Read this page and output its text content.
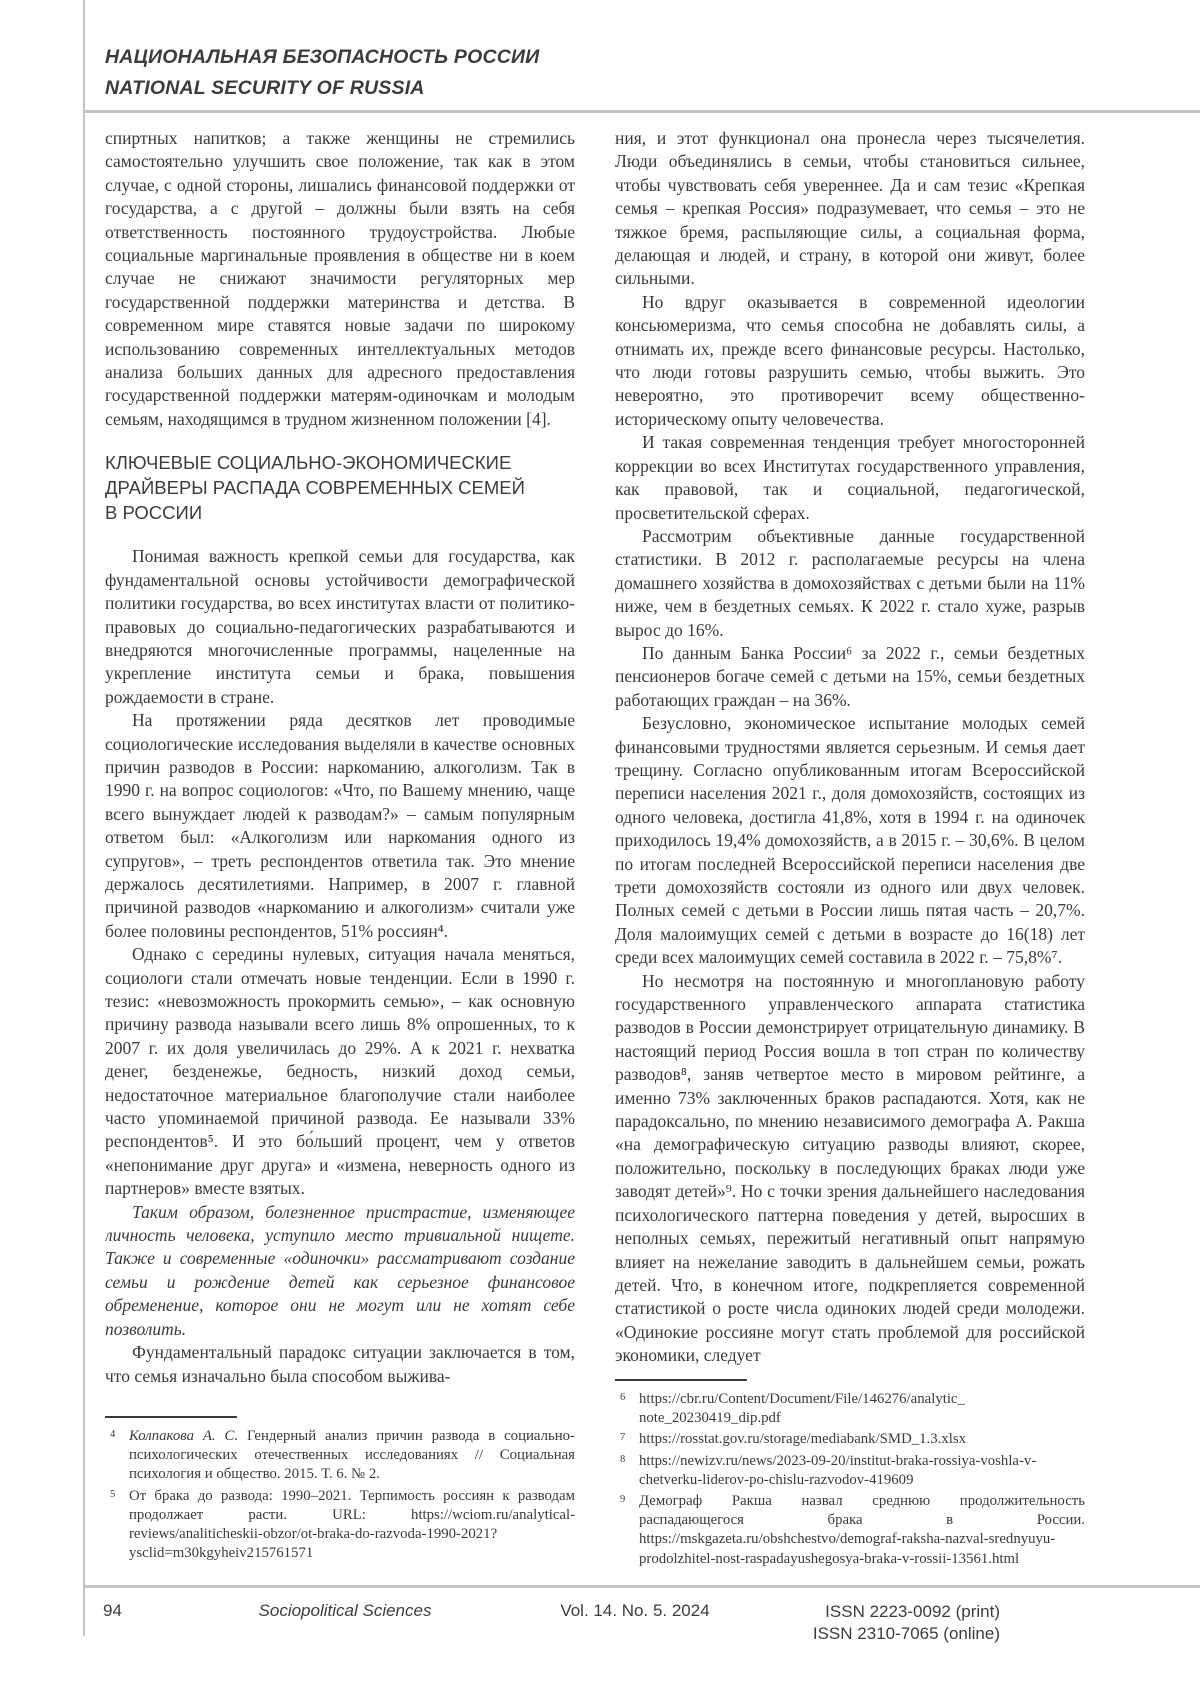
НАЦИОНАЛЬНАЯ БЕЗОПАСНОСТЬ РОССИИ
NATIONAL SECURITY OF RUSSIA

спиртных напитков; а также женщины не стремились самостоятельно улучшить свое положение, так как в этом случае, с одной стороны, лишались финансовой поддержки от государства, а с другой – должны были взять на себя ответственность постоянного трудоустройства. Любые социальные маргинальные проявления в обществе ни в коем случае не снижают значимости регуляторных мер государственной поддержки материнства и детства. В современном мире ставятся новые задачи по широкому использованию современных интеллектуальных методов анализа больших данных для адресного предоставления государственной поддержки матерям-одиночкам и молодым семьям, находящимся в трудном жизненном положении [4].

КЛЮЧЕВЫЕ СОЦИАЛЬНО-ЭКОНОМИЧЕСКИЕ
ДРАЙВЕРЫ РАСПАДА СОВРЕМЕННЫХ СЕМЕЙ
В РОССИИ

Понимая важность крепкой семьи для государства, как фундаментальной основы устойчивости демографической политики государства, во всех институтах власти от политико-правовых до социально-педагогических разрабатываются и внедряются многочисленные программы, нацеленные на укрепление института семьи и брака, повышения рождаемости в стране.

На протяжении ряда десятков лет проводимые социологические исследования выделяли в качестве основных причин разводов в России: наркоманию, алкоголизм. Так в 1990 г. на вопрос социологов: «Что, по Вашему мнению, чаще всего вынуждает людей к разводам?» – самым популярным ответом был: «Алкоголизм или наркомания одного из супругов», – треть респондентов ответила так. Это мнение держалось десятилетиями. Например, в 2007 г. главной причиной разводов «наркоманию и алкоголизм» считали уже более половины респондентов, 51% россиян⁴.

Однако с середины нулевых, ситуация начала меняться, социологи стали отмечать новые тенденции. Если в 1990 г. тезис: «невозможность прокормить семью», – как основную причину развода называли всего лишь 8% опрошенных, то к 2007 г. их доля увеличилась до 29%. А к 2021 г. нехватка денег, безденежье, бедность, низкий доход семьи, недостаточное материальное благополучие стали наиболее часто упоминаемой причиной развода. Ее называли 33% респондентов⁵. И это бо́льший процент, чем у ответов «непонимание друг друга» и «измена, неверность одного из партнеров» вместе взятых.

Таким образом, болезненное пристрастие, изменяющее личность человека, уступило место тривиальной нищете. Также и современные «одиночки» рассматривают создание семьи и рождение детей как серьезное финансовое обременение, которое они не могут или не хотят себе позволить.

Фундаментальный парадокс ситуации заключается в том, что семья изначально была способом выжива-

4 Колпакова А. С. Гендерный анализ причин развода в социально-психологических отечественных исследованиях // Социальная психология и общество. 2015. Т. 6. № 2.
5 От брака до развода: 1990–2021. Терпимость россиян к разводам продолжает расти. URL: https://wciom.ru/analytical-reviews/analiticheskii-obzor/ot-braka-do-razvoda-1990-2021?ysclid=m30kgyheiv215761571

ния, и этот функционал она пронесла через тысячелетия. Люди объединялись в семьи, чтобы становиться сильнее, чтобы чувствовать себя увереннее. Да и сам тезис «Крепкая семья – крепкая Россия» подразумевает, что семья – это не тяжкое бремя, распыляющие силы, а социальная форма, делающая и людей, и страну, в которой они живут, более сильными.

Но вдруг оказывается в современной идеологии консьюмеризма, что семья способна не добавлять силы, а отнимать их, прежде всего финансовые ресурсы. Настолько, что люди готовы разрушить семью, чтобы выжить. Это невероятно, это противоречит всему общественно-историческому опыту человечества.

И такая современная тенденция требует многосторонней коррекции во всех Институтах государственного управления, как правовой, так и социальной, педагогической, просветительской сферах.

Рассмотрим объективные данные государственной статистики. В 2012 г. располагаемые ресурсы на члена домашнего хозяйства в домохозяйствах с детьми были на 11% ниже, чем в бездетных семьях. К 2022 г. стало хуже, разрыв вырос до 16%.

По данным Банка России⁶ за 2022 г., семьи бездетных пенсионеров богаче семей с детьми на 15%, семьи бездетных работающих граждан – на 36%.

Безусловно, экономическое испытание молодых семей финансовыми трудностями является серьезным. И семья дает трещину. Согласно опубликованным итогам Всероссийской переписи населения 2021 г., доля домохозяйств, состоящих из одного человека, достигла 41,8%, хотя в 1994 г. на одиночек приходилось 19,4% домохозяйств, а в 2015 г. – 30,6%. В целом по итогам последней Всероссийской переписи населения две трети домохозяйств состояли из одного или двух человек. Полных семей с детьми в России лишь пятая часть – 20,7%. Доля малоимущих семей с детьми в возрасте до 16(18) лет среди всех малоимущих семей составила в 2022 г. – 75,8%⁷.

Но несмотря на постоянную и многоплановую работу государственного управленческого аппарата статистика разводов в России демонстрирует отрицательную динамику. В настоящий период Россия вошла в топ стран по количеству разводов⁸, заняв четвертое место в мировом рейтинге, а именно 73% заключенных браков распадаются. Хотя, как не парадоксально, по мнению независимого демографа А. Ракша «на демографическую ситуацию разводы влияют, скорее, положительно, поскольку в последующих браках люди уже заводят детей»⁹. Но с точки зрения дальнейшего наследования психологического паттерна поведения у детей, выросших в неполных семьях, пережитый негативный опыт напрямую влияет на нежелание заводить в дальнейшем семьи, рожать детей. Что, в конечном итоге, подкрепляется современной статистикой о росте числа одиноких людей среди молодежи. «Одинокие россияне могут стать проблемой для российской экономики, следует

6 https://cbr.ru/Content/Document/File/146276/analytic_ note_20230419_dip.pdf
7 https://rosstat.gov.ru/storage/mediabank/SMD_1.3.xlsx
8 https://newizv.ru/news/2023-09-20/institut-braka-rossiya-voshla-v-chetverku-liderov-po-chislu-razvodov-419609
9 Демограф Ракша назвал среднюю продолжительность распадающегося брака в России. https://mskgazeta.ru/obshchestvo/demograf-raksha-nazval-srednyuyu-prodolzhitel-nost-raspadayushegosya-braka-v-rossii-13561.html
94	Sociopolitical Sciences	Vol. 14. No. 5. 2024	ISSN 2223-0092 (print)
ISSN 2310-7065 (online)
